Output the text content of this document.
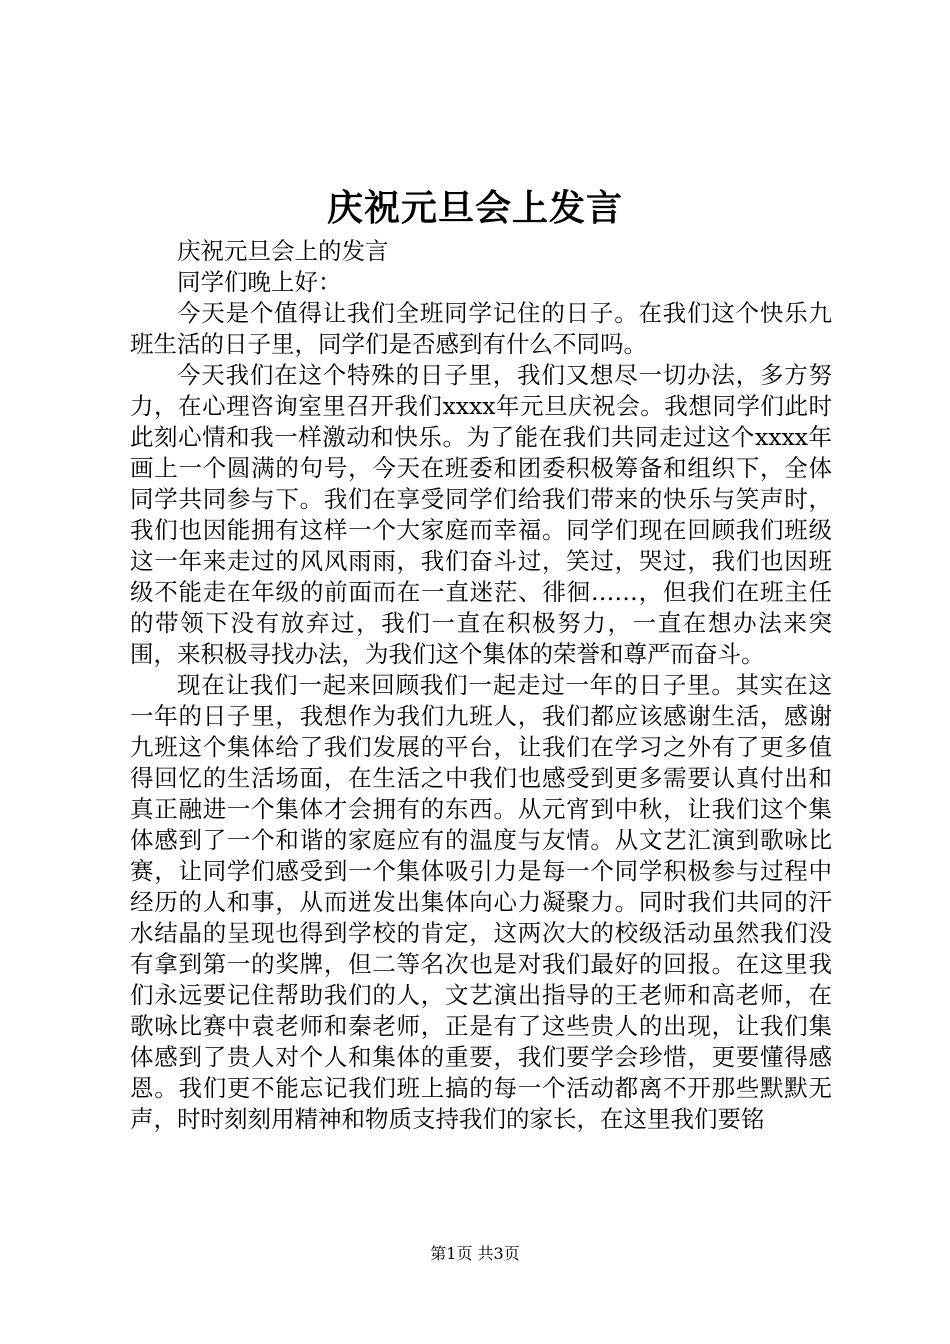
庆祝元旦会上发言

庆祝元旦会上的发言

同学们晚上好：

今天是个值得让我们全班同学记住的日子。在我们这个快乐九班生活的日子里，同学们是否感到有什么不同吗。

今天我们在这个特殊的日子里，我们又想尽一切办法，多方努力，在心理咨询室里召开我们xxxx年元旦庆祝会。我想同学们此时此刻心情和我一样激动和快乐。为了能在我们共同走过这个xxxx年画上一个圆满的句号，今天在班委和团委积极筹备和组织下，全体同学共同参与下。我们在享受同学们给我们带来的快乐与笑声时，我们也因能拥有这样一个大家庭而幸福。同学们现在回顾我们班级这一年来走过的风风雨雨，我们奋斗过，笑过，哭过，我们也因班级不能走在年级的前面而在一直迷茫、徘徊……，但我们在班主任的带领下没有放弃过，我们一直在积极努力，一直在想办法来突围，来积极寻找办法，为我们这个集体的荣誉和尊严而奋斗。

现在让我们一起来回顾我们一起走过一年的日子里。其实在这一年的日子里，我想作为我们九班人，我们都应该感谢生活，感谢九班这个集体给了我们发展的平台，让我们在学习之外有了更多值得回忆的生活场面，在生活之中我们也感受到更多需要认真付出和真正融进一个集体才会拥有的东西。从元宵到中秋，让我们这个集体感到了一个和谐的家庭应有的温度与友情。从文艺汇演到歌咏比赛，让同学们感受到一个集体吸引力是每一个同学积极参与过程中经历的人和事，从而迸发出集体向心力凝聚力。同时我们共同的汗水结晶的呈现也得到学校的肯定，这两次大的校级活动虽然我们没有拿到第一的奖牌，但二等名次也是对我们最好的回报。在这里我们永远要记住帮助我们的人，文艺演出指导的王老师和高老师，在歌咏比赛中袁老师和秦老师，正是有了这些贵人的出现，让我们集体感到了贵人对个人和集体的重要，我们要学会珍惜，更要懂得感恩。我们更不能忘记我们班上搞的每一个活动都离不开那些默默无声，时时刻刻用精神和物质支持我们的家长，在这里我们要铭

第1页 共3页
